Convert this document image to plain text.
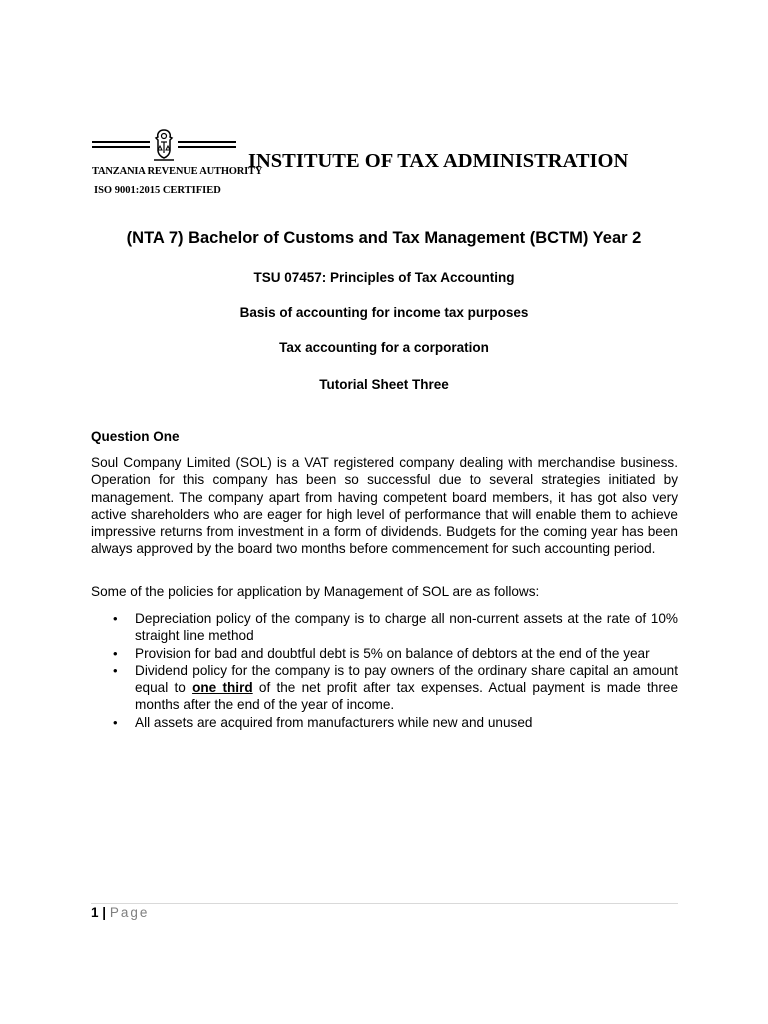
TANZANIA REVENUE AUTHORITY
ISO 9001:2015 CERTIFIED
INSTITUTE OF TAX ADMINISTRATION
(NTA 7) Bachelor of Customs and Tax Management (BCTM) Year 2
TSU 07457: Principles of Tax Accounting
Basis of accounting for income tax purposes
Tax accounting for a corporation
Tutorial Sheet Three
Question One
Soul Company Limited (SOL) is a VAT registered company dealing with merchandise business. Operation for this company has been so successful due to several strategies initiated by management. The company apart from having competent board members, it has got also very active shareholders who are eager for high level of performance that will enable them to achieve impressive returns from investment in a form of dividends. Budgets for the coming year has been always approved by the board two months before commencement for such accounting period.
Some of the policies for application by Management of SOL are as follows:
• Depreciation policy of the company is to charge all non-current assets at the rate of 10% straight line method
• Provision for bad and doubtful debt is 5% on balance of debtors at the end of the year
• Dividend policy for the company is to pay owners of the ordinary share capital an amount equal to one third of the net profit after tax expenses. Actual payment is made three months after the end of the year of income.
• All assets are acquired from manufacturers while new and unused
1 | Page
